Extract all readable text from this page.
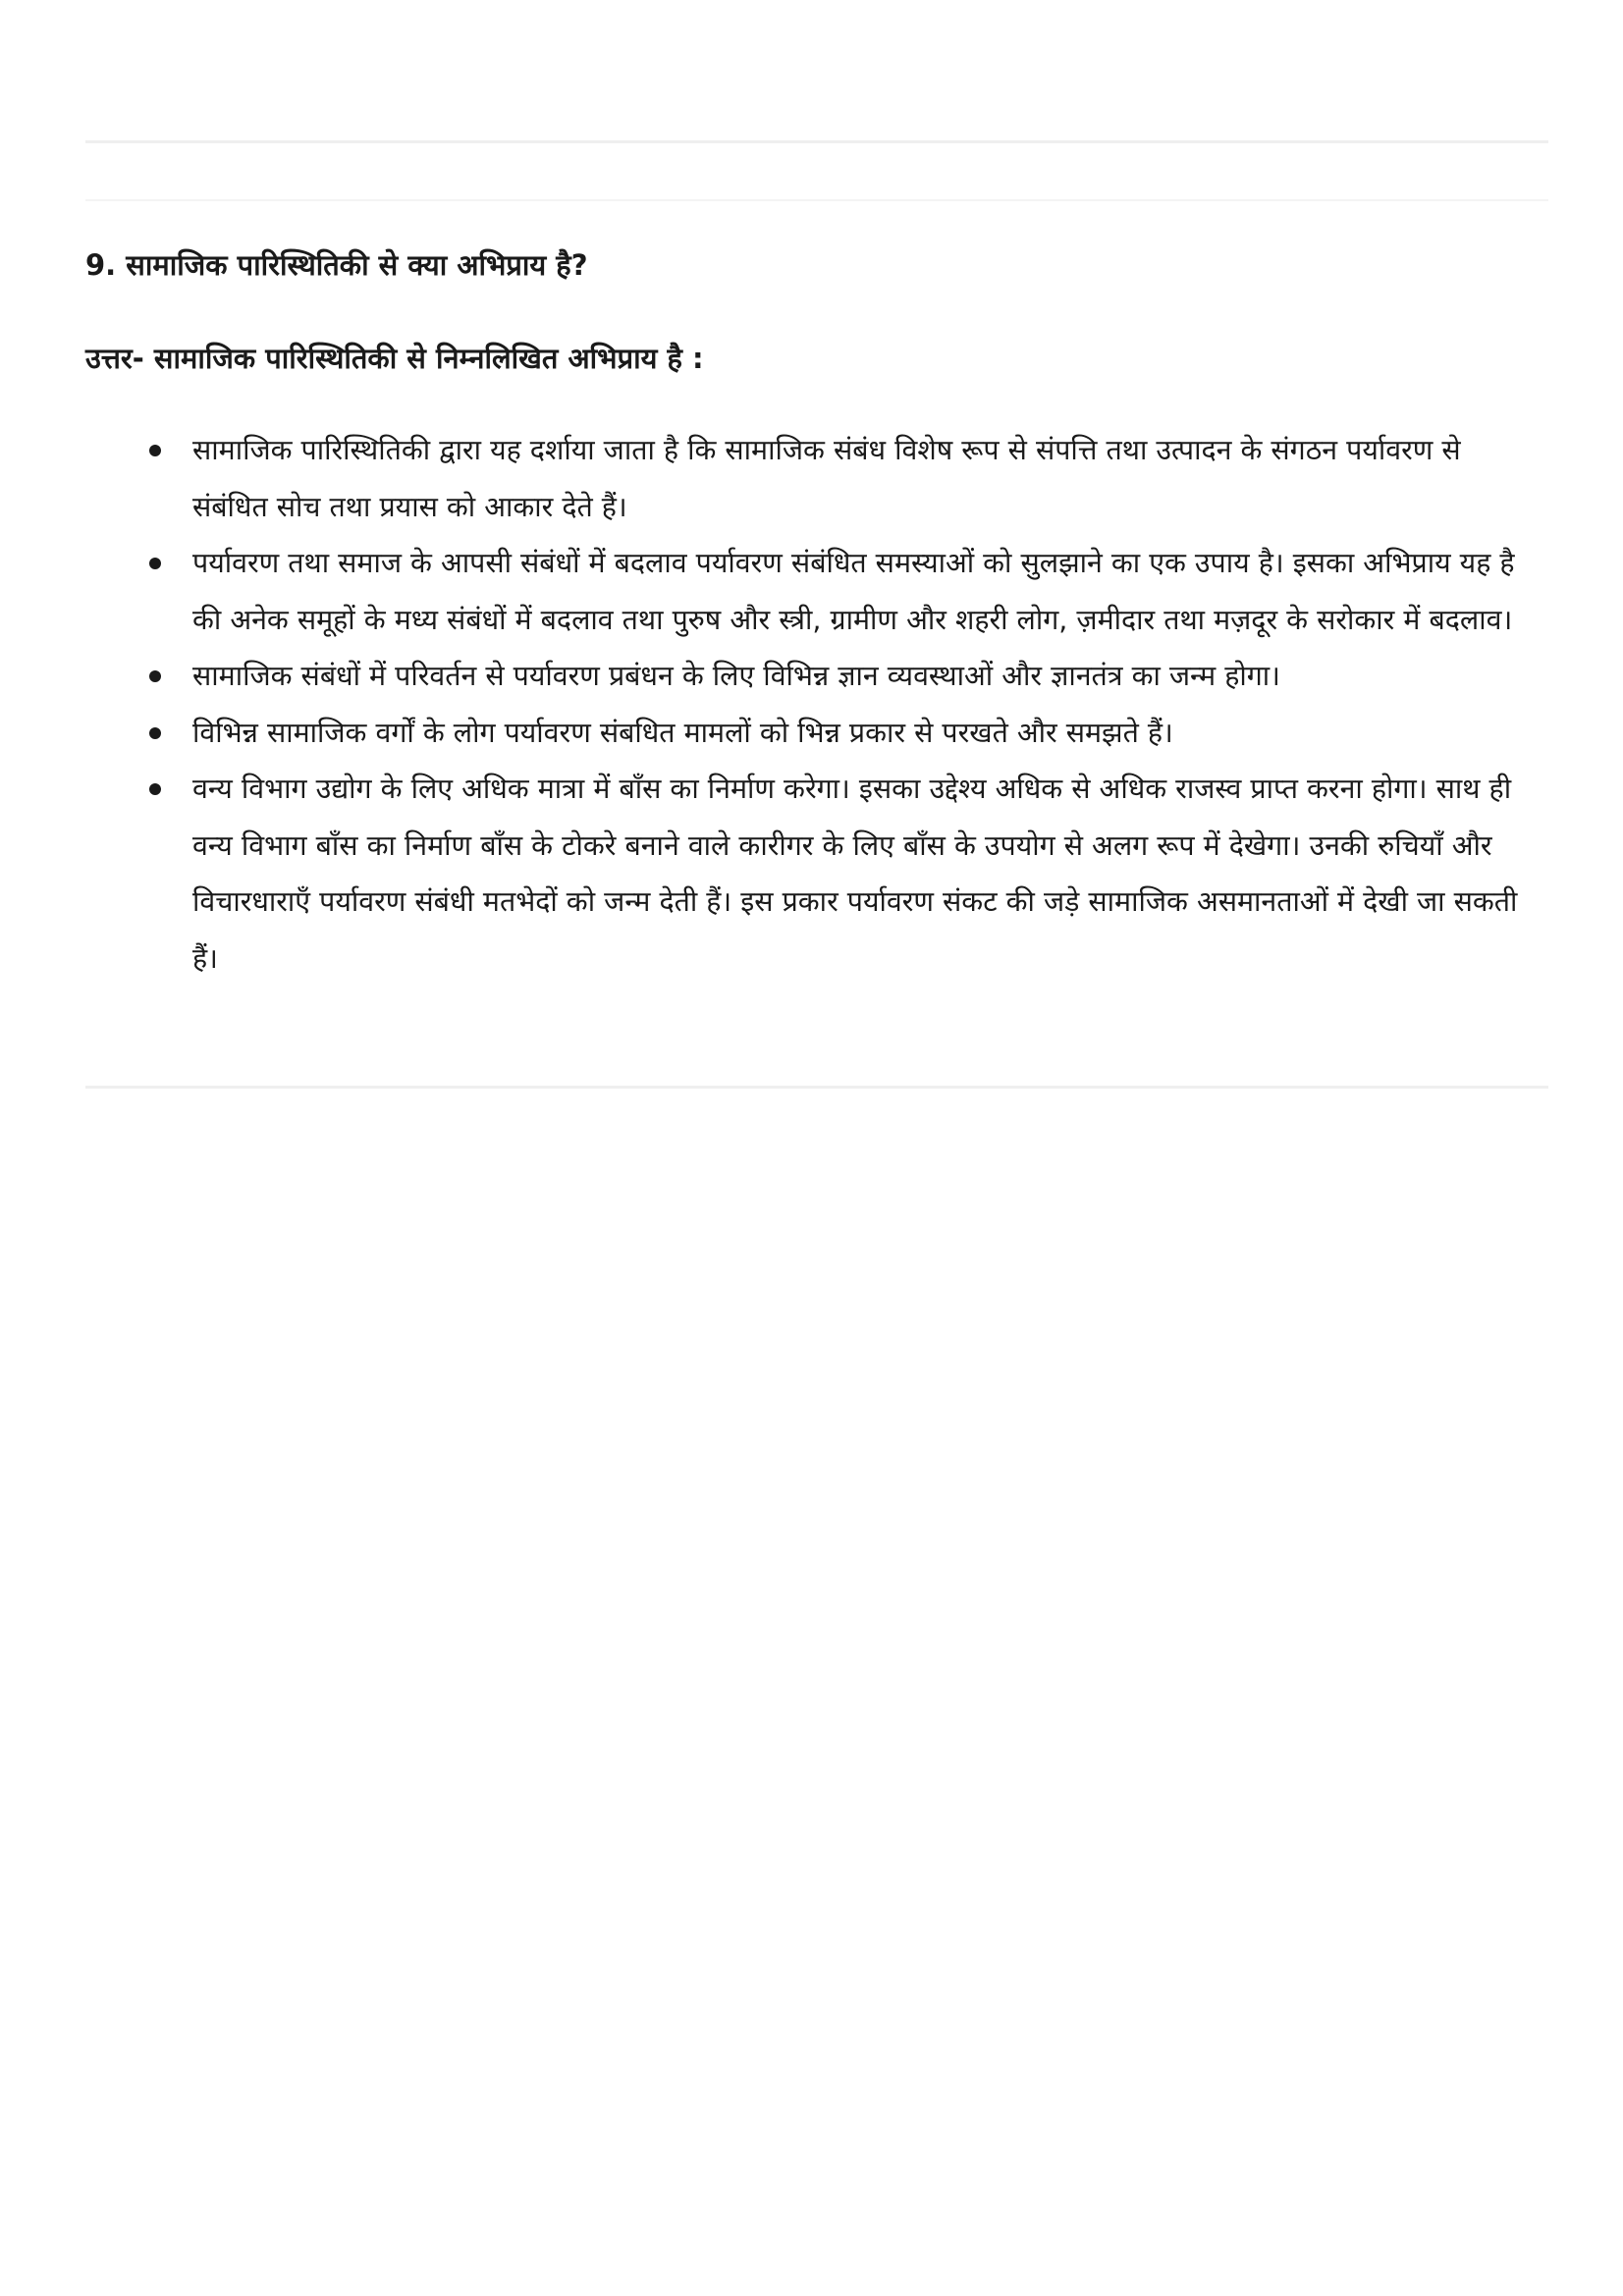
9. सामाजिक पारिस्थितिकी से क्या अभिप्राय है?

उत्तर- सामाजिक पारिस्थितिकी से निम्नलिखित अभिप्राय है :

सामाजिक पारिस्थितिकी द्वारा यह दर्शाया जाता है कि सामाजिक संबंध विशेष रूप से संपत्ति तथा उत्पादन के संगठन पर्यावरण से संबंधित सोच तथा प्रयास को आकार देते हैं।
पर्यावरण तथा समाज के आपसी संबंधों में बदलाव पर्यावरण संबंधित समस्याओं को सुलझाने का एक उपाय है। इसका अभिप्राय यह है की अनेक समूहों के मध्य संबंधों में बदलाव तथा पुरुष और स्त्री, ग्रामीण और शहरी लोग, ज़मीदार तथा मज़दूर के सरोकार में बदलाव।
सामाजिक संबंधों में परिवर्तन से पर्यावरण प्रबंधन के लिए विभिन्न ज्ञान व्यवस्थाओं और ज्ञानतंत्र का जन्म होगा।
विभिन्न सामाजिक वर्गों के लोग पर्यावरण संबधित मामलों को भिन्न प्रकार से परखते और समझते हैं।
वन्य विभाग उद्योग के लिए अधिक मात्रा में बाँस का निर्माण करेगा। इसका उद्देश्य अधिक से अधिक राजस्व प्राप्त करना होगा। साथ ही वन्य विभाग बाँस का निर्माण बाँस के टोकरे बनाने वाले कारीगर के लिए बाँस के उपयोग से अलग रूप में देखेगा। उनकी रुचियाँ और विचारधाराएँ पर्यावरण संबंधी मतभेदों को जन्म देती हैं। इस प्रकार पर्यावरण संकट की जड़े सामाजिक असमानताओं में देखी जा सकती हैं।
